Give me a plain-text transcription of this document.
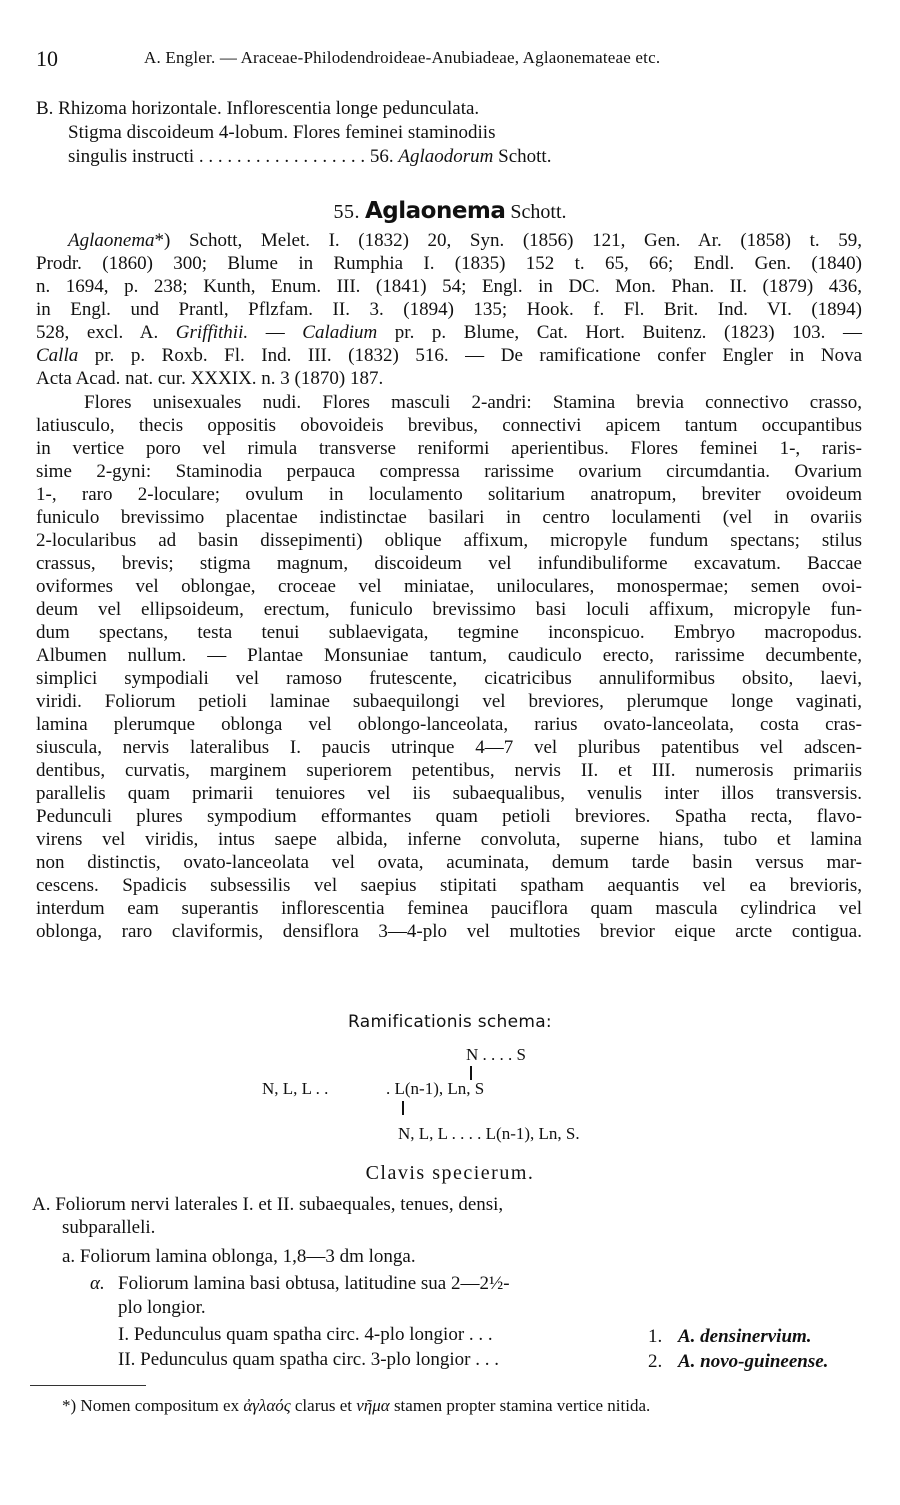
10	A. Engler. — Araceae-Philodendroideae-Anubiadeae, Aglaonemateae etc.
B. Rhizoma horizontale. Inflorescentia longe pedunculata.
Stigma discoideum 4-lobum. Flores feminei staminodiis
singulis instructi . . . . . . . . . . . . . . . . . . 56. Aglaodorum Schott.
55. Aglaonema Schott.
Aglaonema*) Schott, Melet. I. (1832) 20, Syn. (1856) 121, Gen. Ar. (1858) t. 59,
Prodr. (1860) 300; Blume in Rumphia I. (1835) 152 t. 65, 66; Endl. Gen. (1840)
n. 1694, p. 238; Kunth, Enum. III. (1841) 54; Engl. in DC. Mon. Phan. II. (1879) 436,
in Engl. und Prantl, Pflzfam. II. 3. (1894) 135; Hook. f. Fl. Brit. Ind. VI. (1894)
528, excl. A. Griffithii. — Caladium pr. p. Blume, Cat. Hort. Buitenz. (1823) 103. —
Calla pr. p. Roxb. Fl. Ind. III. (1832) 516. — De ramificatione confer Engler in Nova
Acta Acad. nat. cur. XXXIX. n. 3 (1870) 187.
Flores unisexuales nudi. Flores masculi 2-andri: Stamina brevia connectivo crasso,
latiusculo, thecis oppositis obovoideis brevibus, connectivi apicem tantum occupantibus
in vertice poro vel rimula transverse reniformi aperientibus. Flores feminei 1-, raris-
sime 2-gyni: Staminodia perpauca compressa rarissime ovarium circumdantia. Ovarium
1-, raro 2-loculare; ovulum in loculamento solitarium anatropum, breviter ovoideum
funiculo brevissimo placentae indistinctae basilari in centro loculamenti (vel in ovariis
2-locularibus ad basin dissepimenti) oblique affixum, micropyle fundum spectans; stilus
crassus, brevis; stigma magnum, discoideum vel infundibuliforme excavatum. Baccae
oviformes vel oblongae, croceae vel miniatae, uniloculares, monospermae; semen ovoi-
deum vel ellipsoideum, erectum, funiculo brevissimo basi loculi affixum, micropyle fun-
dum spectans, testa tenui sublaevigata, tegmine inconspicuo. Embryo macropodus.
Albumen nullum. — Plantae Monsuniae tantum, caudiculo erecto, rarissime decumbente,
simplici sympodiali vel ramoso frutescente, cicatricibus annuliformibus obsito, laevi,
viridi. Foliorum petioli laminae subaequilongi vel breviores, plerumque longe vaginati,
lamina plerumque oblonga vel oblongo-lanceolata, rarius ovato-lanceolata, costa cras-
siuscula, nervis lateralibus I. paucis utrinque 4—7 vel pluribus patentibus vel adscen-
dentibus, curvatis, marginem superiorem petentibus, nervis II. et III. numerosis primariis
parallelis quam primarii tenuiores vel iis subaequalibus, venulis inter illos transversis.
Pedunculi plures sympodium efformantes quam petioli breviores. Spatha recta, flavo-
virens vel viridis, intus saepe albida, inferne convoluta, superne hians, tubo et lamina
non distinctis, ovato-lanceolata vel ovata, acuminata, demum tarde basin versus mar-
cescens. Spadicis subsessilis vel saepius stipitati spatham aequantis vel ea brevioris,
interdum eam superantis inflorescentia feminea pauciflora quam mascula cylindrica vel
oblonga, raro claviformis, densiflora 3—4-plo vel multoties brevior eique arcte contigua.
Ramificationis schema:
N . . . . S
N, L, L . .	. L(n-1), Ln, S
N, L, L . . . . L(n-1), Ln, S.
Clavis specierum.
A. Foliorum nervi laterales I. et II. subaequales, tenues, densi,
subparalleli.
a. Foliorum lamina oblonga, 1,8—3 dm longa.
α. Foliorum lamina basi obtusa, latitudine sua 2—2½-
plo longior.
I. Pedunculus quam spatha circ. 4-plo longior . . .	1. A. densinervium.
II. Pedunculus quam spatha circ. 3-plo longior . . .	2. A. novo-guineense.
*) Nomen compositum ex ἀγλαός clarus et νῆμα stamen propter stamina vertice nitida.
